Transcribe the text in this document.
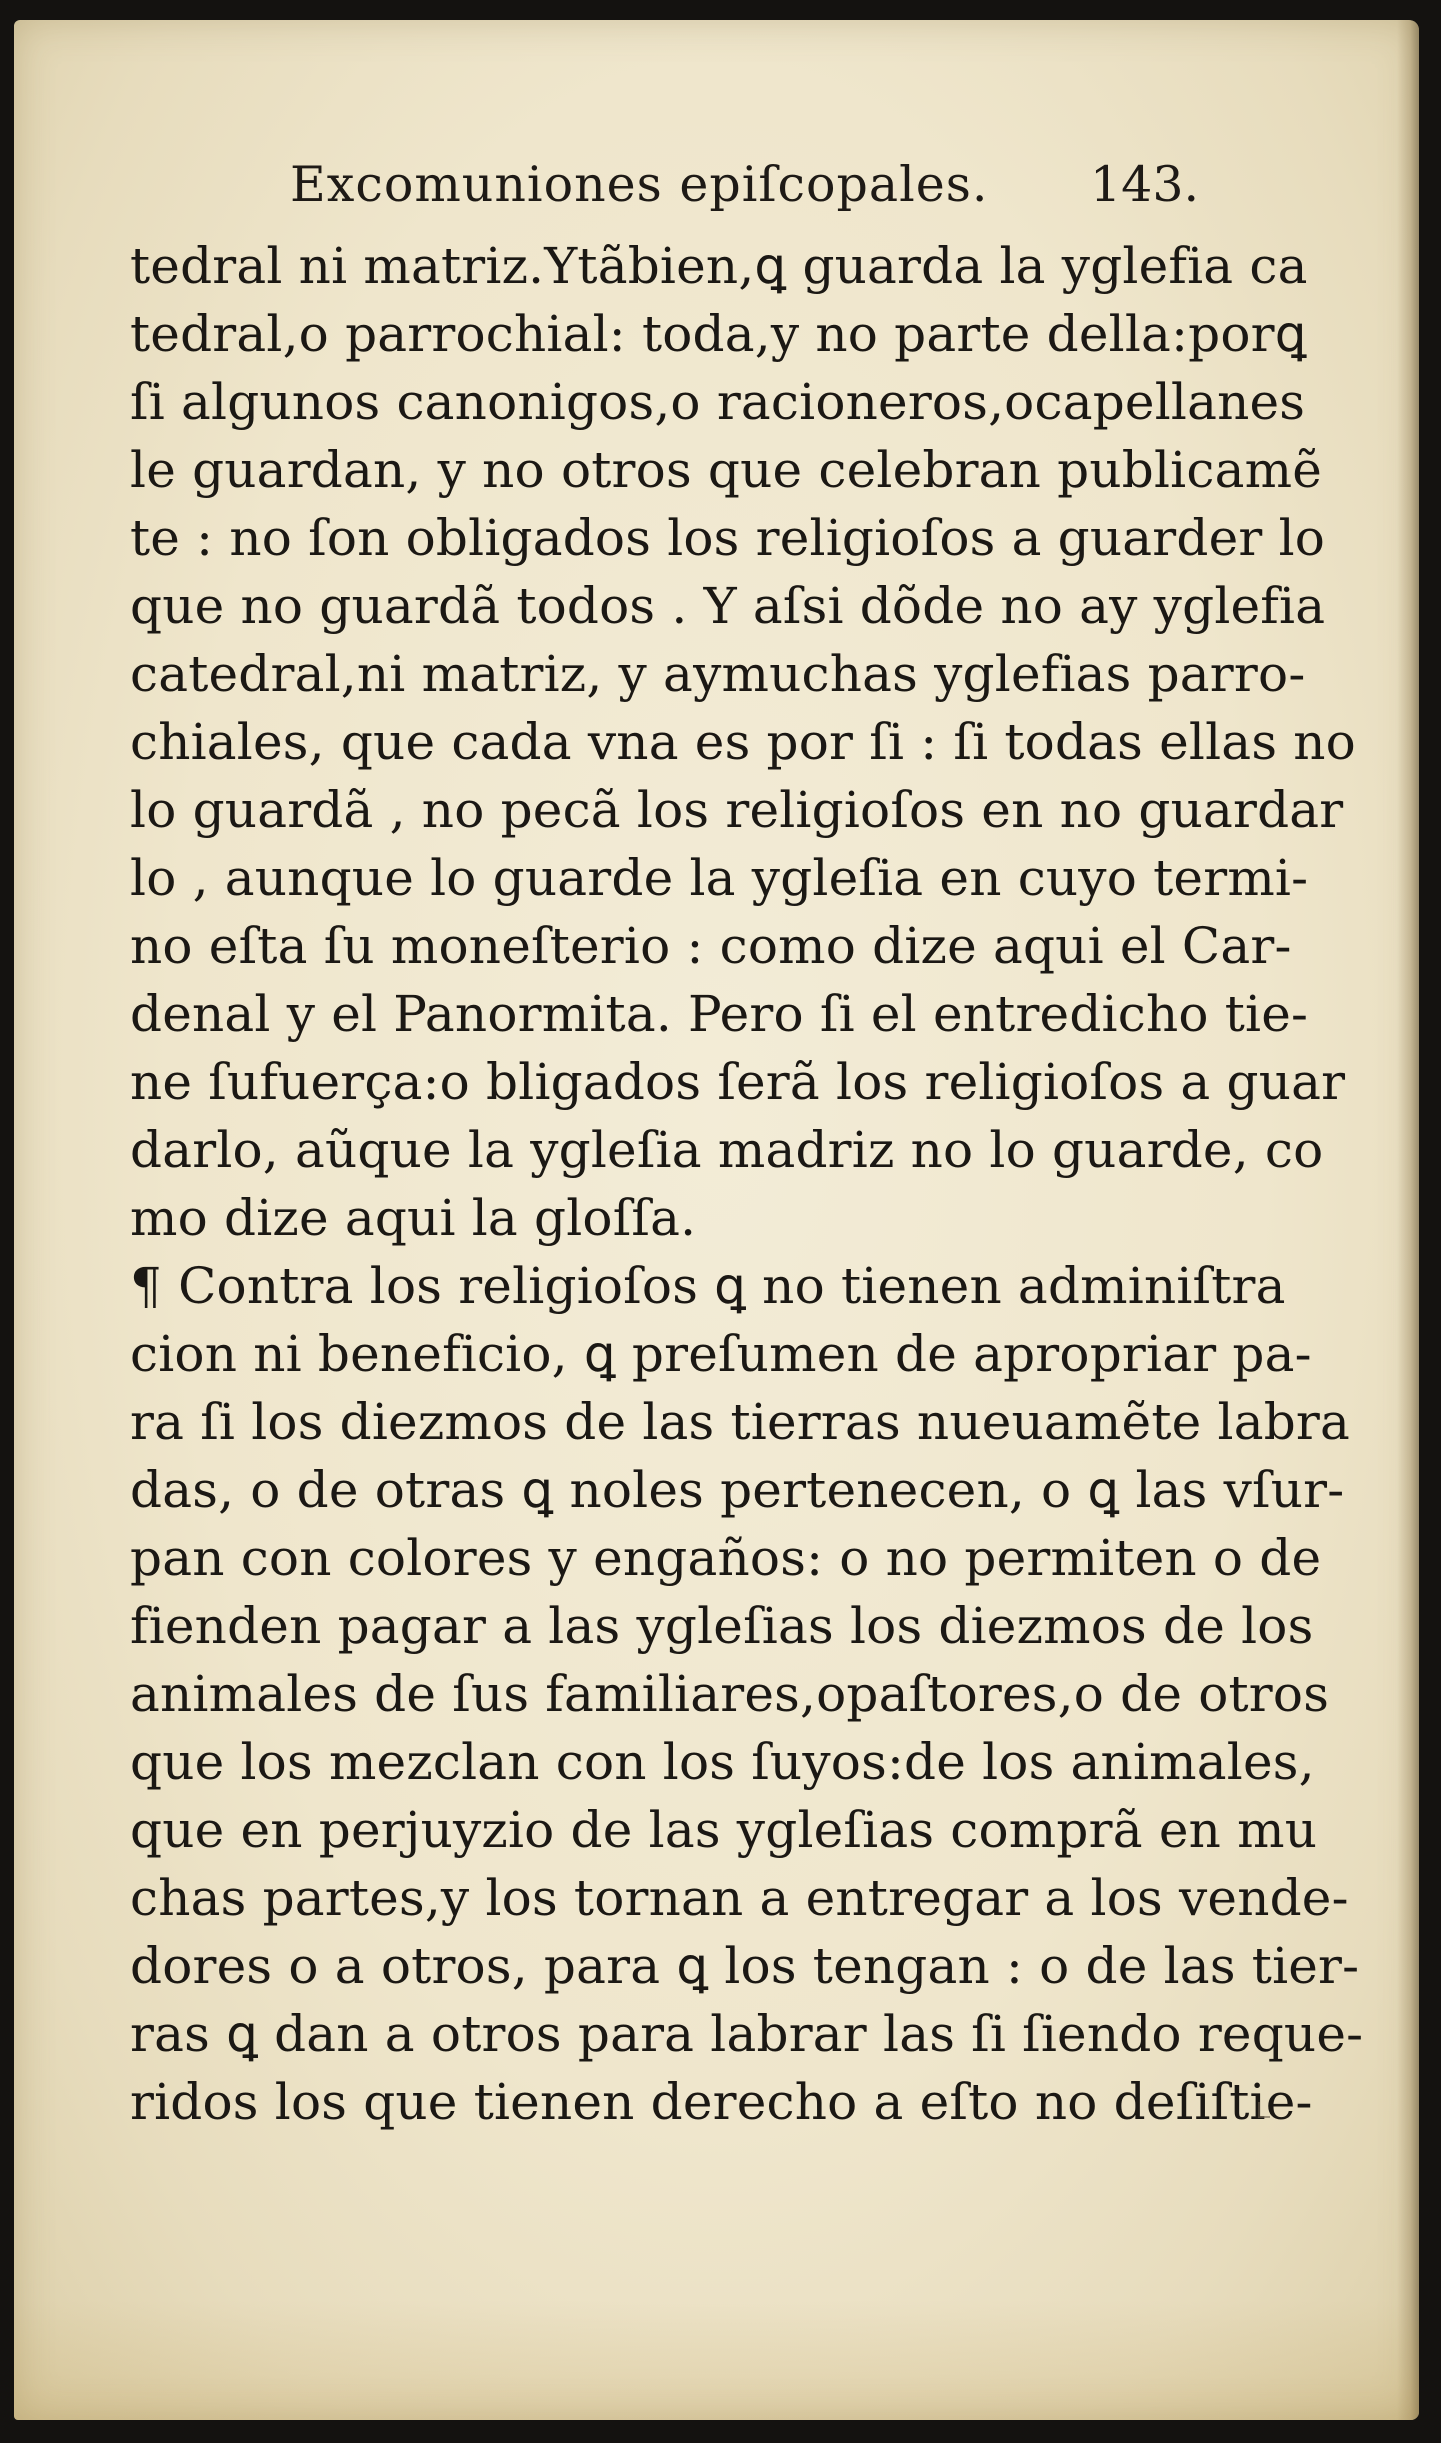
Excomuniones epiſcopales. 143.
tedral ni matriz.Ytãbien,ꝗ guarda la yglefia ca
tedral,o parrochial: toda,y no parte della:porꝗ
ſi algunos canonigos,o racioneros,ocapellanes
le guardan, y no otros que celebran publicamẽ
te : no ſon obligados los religioſos a guarder lo
que no guardã todos . Y aſsi dõde no ay yglefia
catedral,ni matriz, y aymuchas yglefias parro-
chiales, que cada vna es por ſi : ſi todas ellas no
lo guardã , no pecã los religioſos en no guardar
lo , aunque lo guarde la ygleſia en cuyo termi-
no eſta ſu moneſterio : como dize aqui el Car-
denal y el Panormita. Pero ſi el entredicho tie-
ne ſufuerça:o bligados ſerã los religioſos a guar
darlo, aũque la ygleſia madriz no lo guarde, co
mo dize aqui la gloſſa.
¶ Contra los religioſos ꝗ no tienen adminiſtra
cion ni beneficio, ꝗ preſumen de apropriar pa-
ra ſi los diezmos de las tierras nueuamẽte labra
das, o de otras ꝗ noles pertenecen, o ꝗ las vſur-
pan con colores y engaños: o no permiten o de
fienden pagar a las ygleſias los diezmos de los
animales de ſus familiares,opaſtores,o de otros
que los mezclan con los ſuyos:de los animales,
que en perjuyzio de las ygleſias comprã en mu
chas partes,y los tornan a entregar a los vende-
dores o a otros, para ꝗ los tengan : o de las tier-
ras ꝗ dan a otros para labrar las ſi ſiendo reque-
ridos los que tienen derecho a eſto no deſiſtie-
